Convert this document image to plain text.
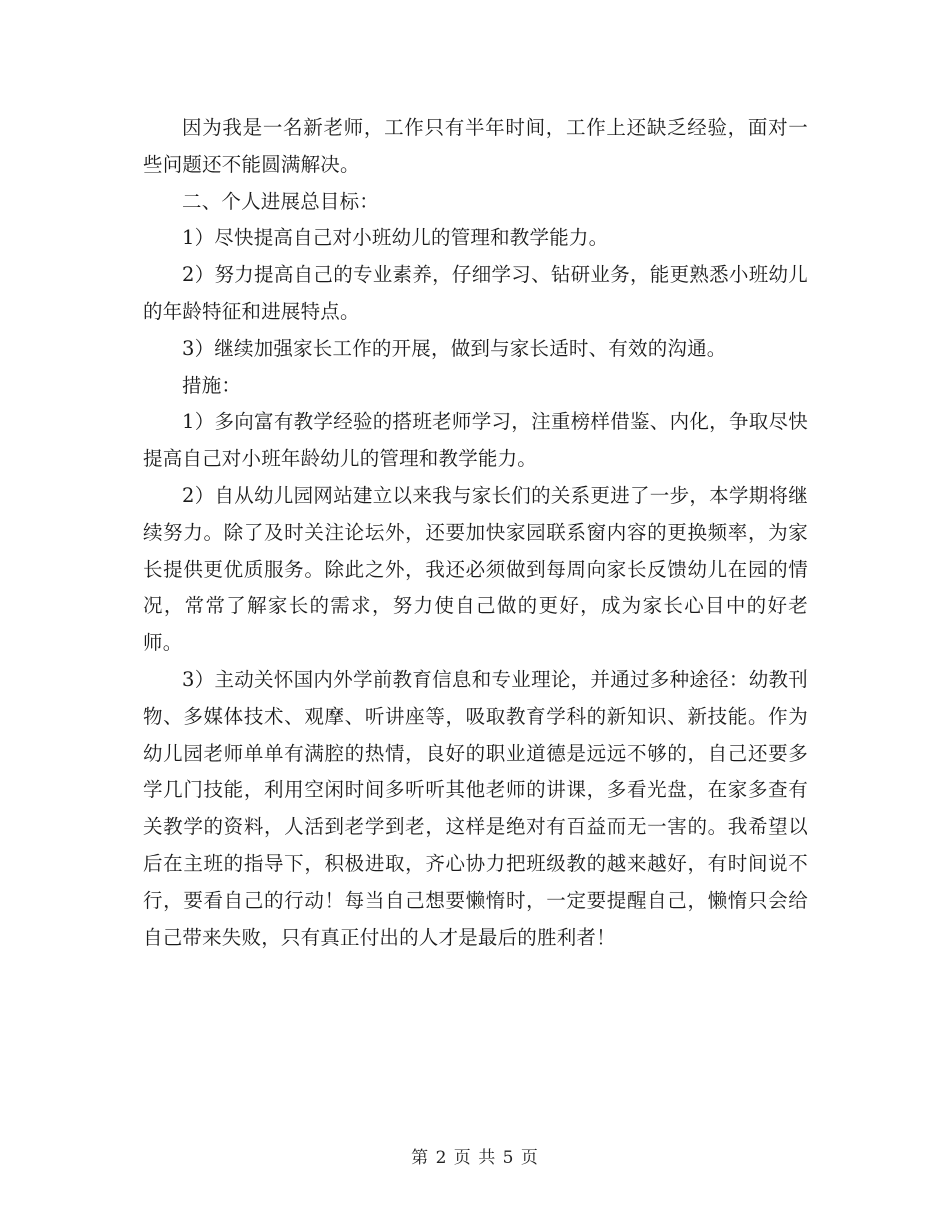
因为我是一名新老师，工作只有半年时间，工作上还缺乏经验，面对一些问题还不能圆满解决。

二、个人进展总目标：

1）尽快提高自己对小班幼儿的管理和教学能力。

2）努力提高自己的专业素养，仔细学习、钻研业务，能更熟悉小班幼儿的年龄特征和进展特点。

3）继续加强家长工作的开展，做到与家长适时、有效的沟通。

措施：

1）多向富有教学经验的搭班老师学习，注重榜样借鉴、内化，争取尽快提高自己对小班年龄幼儿的管理和教学能力。

2）自从幼儿园网站建立以来我与家长们的关系更进了一步，本学期将继续努力。除了及时关注论坛外，还要加快家园联系窗内容的更换频率，为家长提供更优质服务。除此之外，我还必须做到每周向家长反馈幼儿在园的情况，常常了解家长的需求，努力使自己做的更好，成为家长心目中的好老师。

3）主动关怀国内外学前教育信息和专业理论，并通过多种途径：幼教刊物、多媒体技术、观摩、听讲座等，吸取教育学科的新知识、新技能。作为幼儿园老师单单有满腔的热情，良好的职业道德是远远不够的，自己还要多学几门技能，利用空闲时间多听听其他老师的讲课，多看光盘，在家多查有关教学的资料，人活到老学到老，这样是绝对有百益而无一害的。我希望以后在主班的指导下，积极进取，齐心协力把班级教的越来越好，有时间说不行，要看自己的行动！每当自己想要懒惰时，一定要提醒自己，懒惰只会给自己带来失败，只有真正付出的人才是最后的胜利者！

第 2 页 共 5 页
